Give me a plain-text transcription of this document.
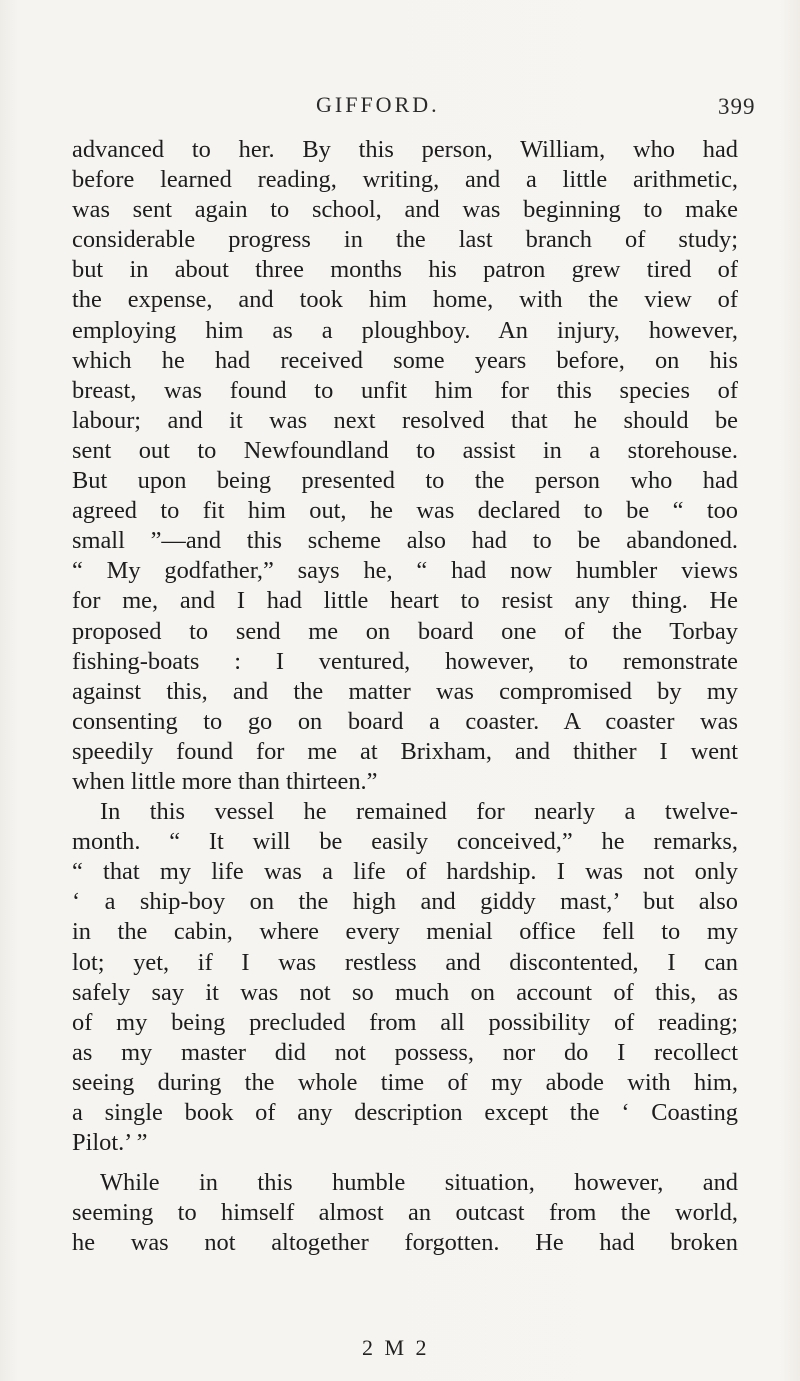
GIFFORD.	399
advanced to her. By this person, William, who had
before learned reading, writing, and a little arithmetic,
was sent again to school, and was beginning to make
considerable progress in the last branch of study;
but in about three months his patron grew tired of
the expense, and took him home, with the view of
employing him as a ploughboy. An injury, however,
which he had received some years before, on his
breast, was found to unfit him for this species of
labour; and it was next resolved that he should be
sent out to Newfoundland to assist in a storehouse.
But upon being presented to the person who had
agreed to fit him out, he was declared to be “ too
small ”—and this scheme also had to be abandoned.
“ My godfather,” says he, “ had now humbler views
for me, and I had little heart to resist any thing. He
proposed to send me on board one of the Torbay
fishing-boats : I ventured, however, to remonstrate
against this, and the matter was compromised by my
consenting to go on board a coaster. A coaster was
speedily found for me at Brixham, and thither I went
when little more than thirteen.”
In this vessel he remained for nearly a twelve-
month. “ It will be easily conceived,” he remarks,
“ that my life was a life of hardship. I was not only
‘ a ship-boy on the high and giddy mast,’ but also
in the cabin, where every menial office fell to my
lot; yet, if I was restless and discontented, I can
safely say it was not so much on account of this, as
of my being precluded from all possibility of reading;
as my master did not possess, nor do I recollect
seeing during the whole time of my abode with him,
a single book of any description except the ‘ Coasting
Pilot.’ ”
While in this humble situation, however, and
seeming to himself almost an outcast from the world,
he was not altogether forgotten. He had broken
2 M 2
